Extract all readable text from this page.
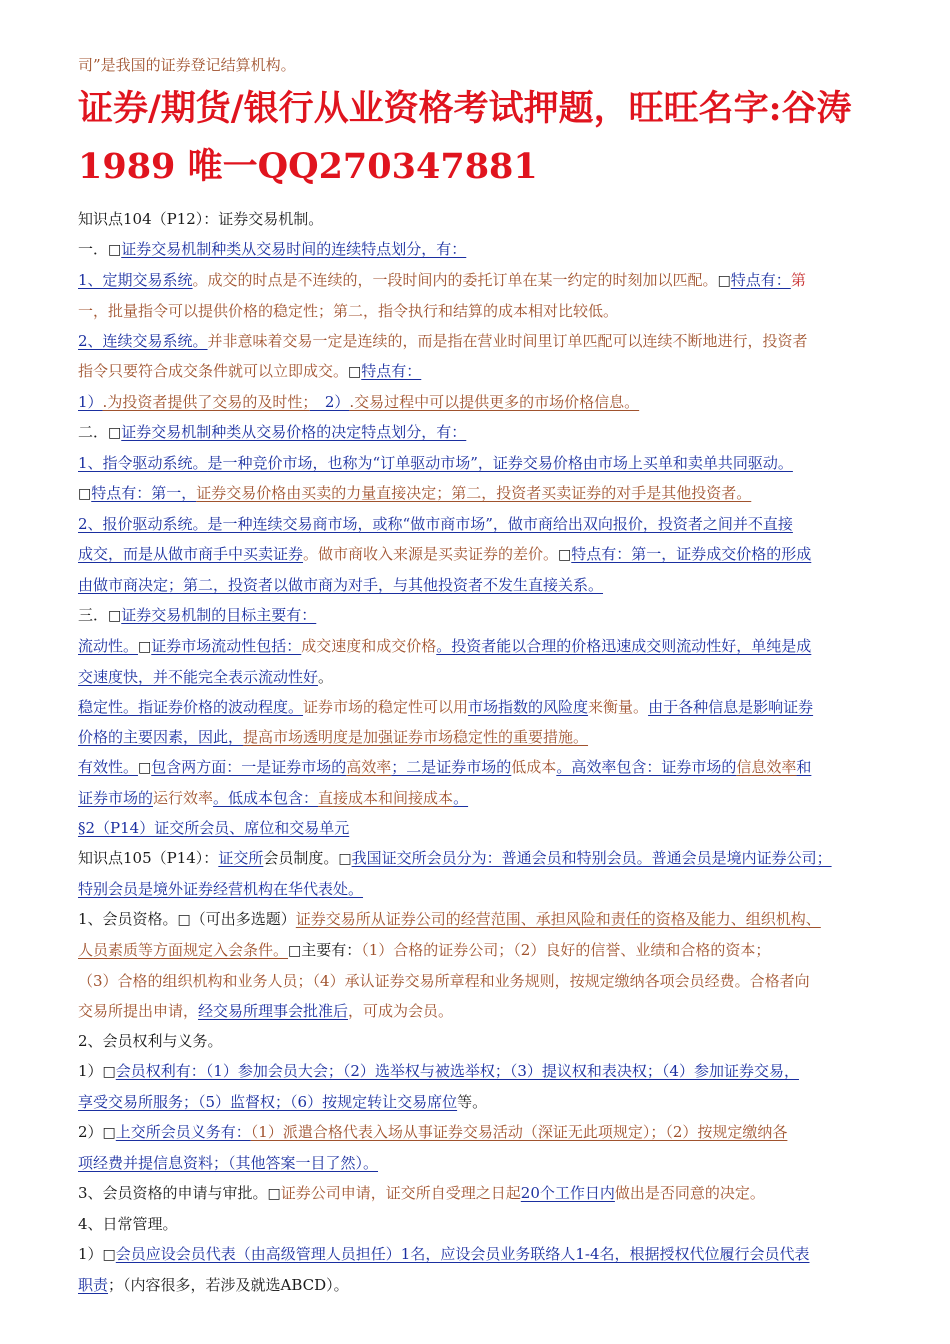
司”是我国的证券登记结算机构。

证券/期货/银行从业资格考试押题，旺旺名字:谷涛1989 唯一QQ270347881

知识点104（P12）：证券交易机制。

一．□证券交易机制种类从交易时间的连续特点划分，有：

1、定期交易系统。成交的时点是不连续的，一段时间内的委托订单在某一约定的时刻加以匹配。□特点有：第

一，批量指令可以提供价格的稳定性；第二，指令执行和结算的成本相对比较低。

2、连续交易系统。并非意味着交易一定是连续的，而是指在营业时间里订单匹配可以连续不断地进行，投资者

指令只要符合成交条件就可以立即成交。□特点有：

1）.为投资者提供了交易的及时性；　2）.交易过程中可以提供更多的市场价格信息。

二．□证券交易机制种类从交易价格的决定特点划分，有：

1、指令驱动系统。是一种竞价市场，也称为“订单驱动市场”，证券交易价格由市场上买单和卖单共同驱动。

□特点有：第一，证券交易价格由买卖的力量直接决定；第二，投资者买卖证券的对手是其他投资者。

2、报价驱动系统。是一种连续交易商市场，或称“做市商市场”，做市商给出双向报价，投资者之间并不直接

成交，而是从做市商手中买卖证券。做市商收入来源是买卖证券的差价。□特点有：第一，证券成交价格的形成

由做市商决定；第二，投资者以做市商为对手，与其他投资者不发生直接关系。

三．□证券交易机制的目标主要有：

流动性。□证券市场流动性包括：成交速度和成交价格。投资者能以合理的价格迅速成交则流动性好，单纯是成

交速度快，并不能完全表示流动性好。

稳定性。指证券价格的波动程度。证券市场的稳定性可以用市场指数的风险度来衡量。由于各种信息是影响证券

价格的主要因素，因此，提高市场透明度是加强证券市场稳定性的重要措施。

有效性。□包含两方面：一是证券市场的高效率；二是证券市场的低成本。高效率包含：证券市场的信息效率和

证券市场的运行效率。低成本包含：直接成本和间接成本。

§2（P14）证交所会员、席位和交易单元

知识点105（P14）：证交所会员制度。□我国证交所会员分为：普通会员和特别会员。普通会员是境内证券公司；

特别会员是境外证券经营机构在华代表处。

1、会员资格。□（可出多选题）证券交易所从证券公司的经营范围、承担风险和责任的资格及能力、组织机构、

人员素质等方面规定入会条件。□主要有：（1）合格的证券公司；（2）良好的信誉、业绩和合格的资本；

（3）合格的组织机构和业务人员；（4）承认证券交易所章程和业务规则，按规定缴纳各项会员经费。合格者向

交易所提出申请，经交易所理事会批准后，可成为会员。

2、会员权利与义务。

1）□会员权利有：（1）参加会员大会；（2）选举权与被选举权；（3）提议权和表决权；（4）参加证券交易，

享受交易所服务；（5）监督权；（6）按规定转让交易席位等。

2）□上交所会员义务有：（1）派遣合格代表入场从事证券交易活动（深证无此项规定）；（2）按规定缴纳各

项经费并提信息资料；（其他答案一目了然）。

3、会员资格的申请与审批。□证券公司申请，证交所自受理之日起20个工作日内做出是否同意的决定。

4、日常管理。

1）□会员应设会员代表（由高级管理人员担任）1名，应设会员业务联络人1-4名，根据授权代位履行会员代表

职责；（内容很多，若涉及就选ABCD）。
